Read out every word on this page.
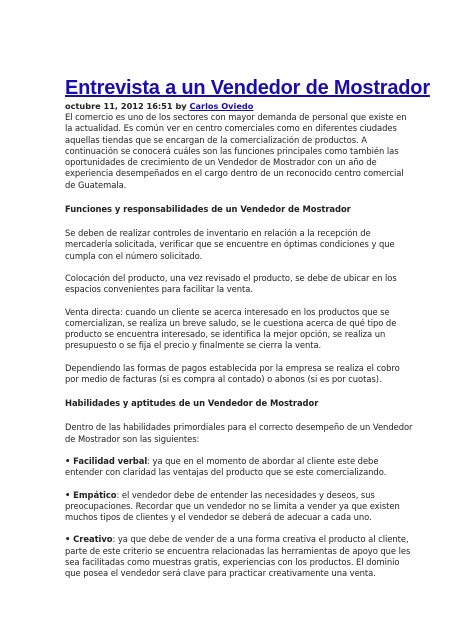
Entrevista a un Vendedor de Mostrador
octubre 11, 2012 16:51 by Carlos Oviedo

El comercio es uno de los sectores con mayor demanda de personal que existe en la actualidad. Es común ver en centro comerciales como en diferentes ciudades aquellas tiendas que se encargan de la comercialización de productos. A continuación se conocerá cuáles son las funciones principales como también las oportunidades de crecimiento de un Vendedor de Mostrador con un año de experiencia desempeñados en el cargo dentro de un reconocido centro comercial de Guatemala.

Funciones y responsabilidades de un Vendedor de Mostrador

Se deben de realizar controles de inventario en relación a la recepción de mercadería solicitada, verificar que se encuentre en óptimas condiciones y que cumpla con el número solicitado.

Colocación del producto, una vez revisado el producto, se debe de ubicar en los espacios convenientes para facilitar la venta.

Venta directa: cuando un cliente se acerca interesado en los productos que se comercializan, se realiza un breve saludo, se le cuestiona acerca de qué tipo de producto se encuentra interesado, se identifica la mejor opción, se realiza un presupuesto o se fija el precio y finalmente se cierra la venta.

Dependiendo las formas de pagos establecida por la empresa se realiza el cobro por medio de facturas (si es compra al contado) o abonos (si es por cuotas).

Habilidades y aptitudes de un Vendedor de Mostrador

Dentro de las habilidades primordiales para el correcto desempeño de un Vendedor de Mostrador son las siguientes:

• Facilidad verbal: ya que en el momento de abordar al cliente este debe entender con claridad las ventajas del producto que se este comercializando.

• Empático: el vendedor debe de entender las necesidades y deseos, sus preocupaciones. Recordar que un vendedor no se limita a vender ya que existen muchos tipos de clientes y el vendedor se deberá de adecuar a cada uno.

• Creativo: ya que debe de vender de a una forma creativa el producto al cliente, parte de este criterio se encuentra relacionadas las herramientas de apoyo que les sea facilitadas como muestras gratis, experiencias con los productos. El dominio que posea el vendedor será clave para practicar creativamente una venta.
